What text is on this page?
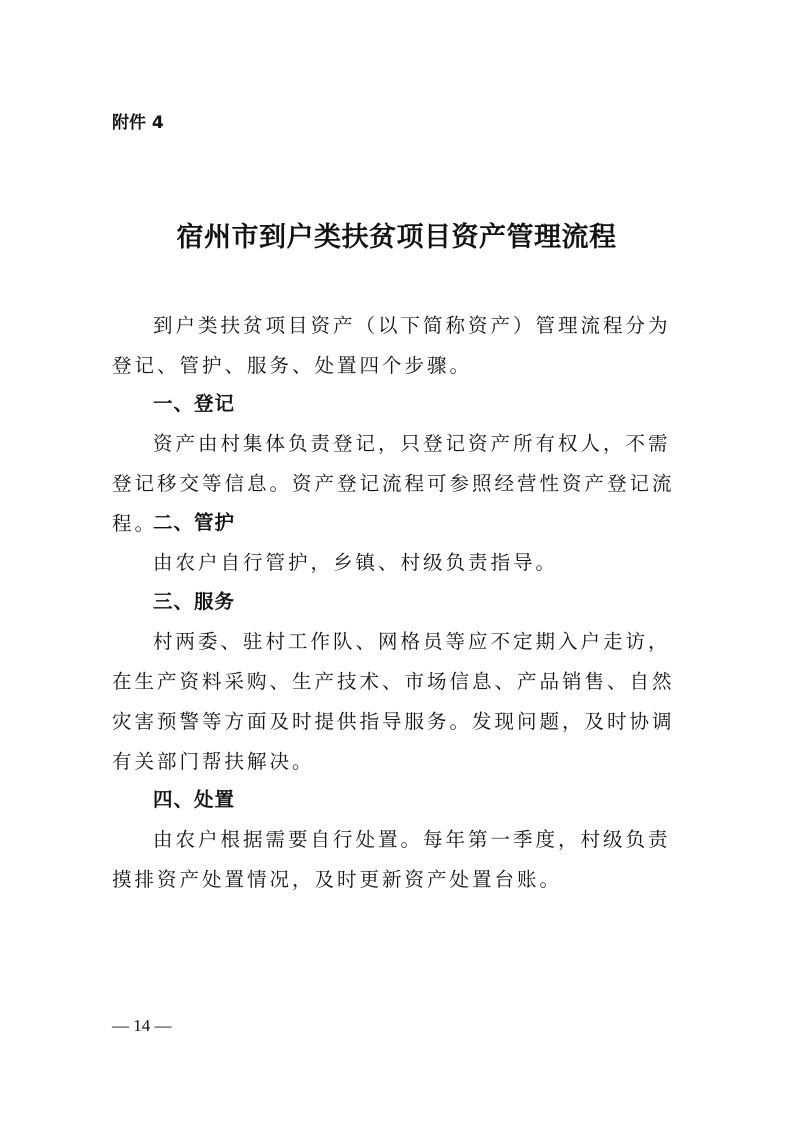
附件 4
宿州市到户类扶贫项目资产管理流程

到户类扶贫项目资产（以下简称资产）管理流程分为登记、管护、服务、处置四个步骤。

一、登记

资产由村集体负责登记，只登记资产所有权人，不需登记移交等信息。资产登记流程可参照经营性资产登记流程。

二、管护

由农户自行管护，乡镇、村级负责指导。

三、服务

村两委、驻村工作队、网格员等应不定期入户走访，在生产资料采购、生产技术、市场信息、产品销售、自然灾害预警等方面及时提供指导服务。发现问题，及时协调有关部门帮扶解决。

四、处置

由农户根据需要自行处置。每年第一季度，村级负责摸排资产处置情况，及时更新资产处置台账。

— 14 —
